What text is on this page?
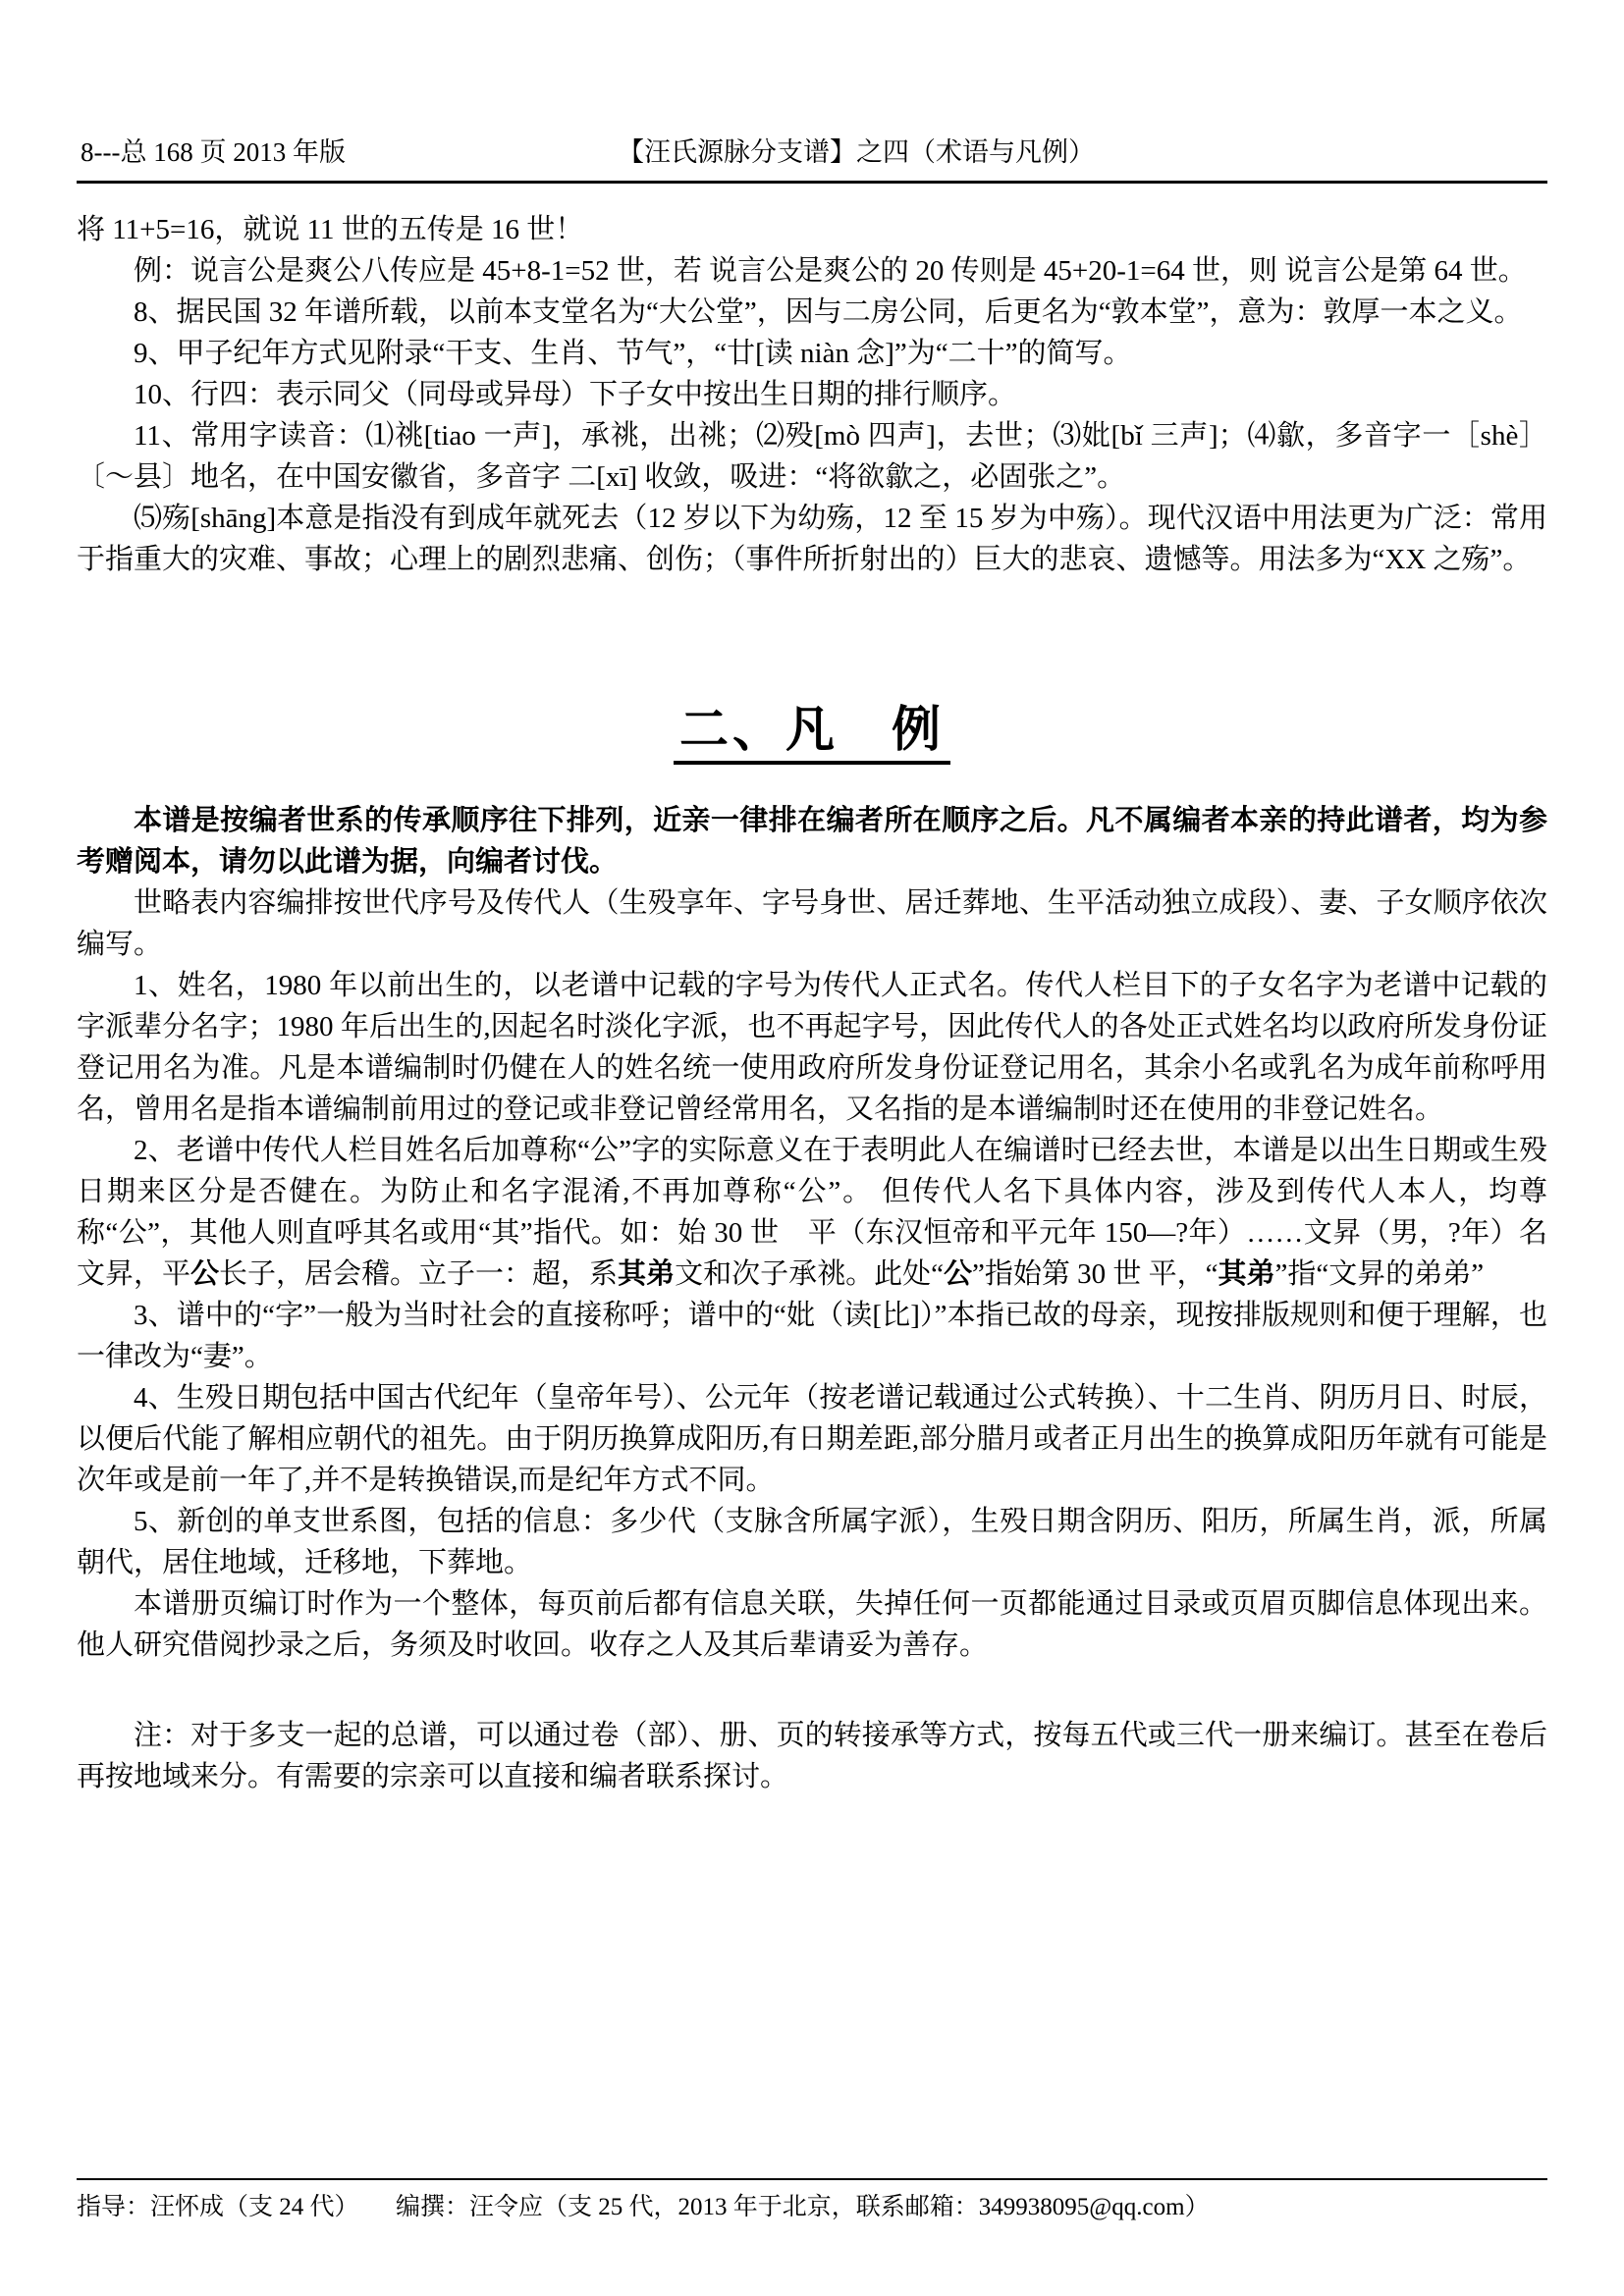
8---总 168 页 2013 年版	【汪氏源脉分支谱】之四（术语与凡例）

将 11+5=16，就说 11 世的五传是 16 世！

例：说言公是爽公八传应是 45+8-1=52 世，若 说言公是爽公的 20 传则是 45+20-1=64 世，则 说言公是第 64 世。

8、据民国 32 年谱所载，以前本支堂名为“大公堂”，因与二房公同，后更名为“敦本堂”，意为：敦厚一本之义。

9、甲子纪年方式见附录“干支、生肖、节气”，“廿[读 niàn 念]”为“二十”的简写。

10、行四：表示同父（同母或异母）下子女中按出生日期的排行顺序。

11、常用字读音：⑴祧[tiao 一声]，承祧，出祧；⑵殁[mò 四声]，去世；⑶妣[bǐ 三声]；⑷歙，多音字一［shè］〔～县〕地名，在中国安徽省，多音字 二[xī] 收敛，吸进：“将欲歙之，必固张之”。

⑸殇[shāng]本意是指没有到成年就死去（12 岁以下为幼殇，12 至 15 岁为中殇）。现代汉语中用法更为广泛：常用于指重大的灾难、事故；心理上的剧烈悲痛、创伤；（事件所折射出的）巨大的悲哀、遗憾等。用法多为“XX 之殇”。

二、凡　例

本谱是按编者世系的传承顺序往下排列，近亲一律排在编者所在顺序之后。凡不属编者本亲的持此谱者，均为参考赠阅本，请勿以此谱为据，向编者讨伐。

世略表内容编排按世代序号及传代人（生殁享年、字号身世、居迁葬地、生平活动独立成段）、妻、子女顺序依次编写。

1、姓名，1980 年以前出生的，以老谱中记载的字号为传代人正式名。传代人栏目下的子女名字为老谱中记载的字派辈分名字；1980 年后出生的,因起名时淡化字派，也不再起字号，因此传代人的各处正式姓名均以政府所发身份证登记用名为准。凡是本谱编制时仍健在人的姓名统一使用政府所发身份证登记用名，其余小名或乳名为成年前称呼用名，曾用名是指本谱编制前用过的登记或非登记曾经常用名，又名指的是本谱编制时还在使用的非登记姓名。

2、老谱中传代人栏目姓名后加尊称“公”字的实际意义在于表明此人在编谱时已经去世，本谱是以出生日期或生殁日期来区分是否健在。为防止和名字混淆,不再加尊称“公”。 但传代人名下具体内容，涉及到传代人本人，均尊称“公”，其他人则直呼其名或用“其”指代。如：始 30 世　平（东汉恒帝和平元年 150—?年）……文昇（男，?年）名文昇，平公长子，居会稽。立子一：超，系其弟文和次子承祧。此处“公”指始第 30 世 平，“其弟”指“文昇的弟弟”

3、谱中的“字”一般为当时社会的直接称呼；谱中的“妣（读[比]）”本指已故的母亲，现按排版规则和便于理解，也一律改为“妻”。

4、生殁日期包括中国古代纪年（皇帝年号）、公元年（按老谱记载通过公式转换）、十二生肖、阴历月日、时辰，以便后代能了解相应朝代的祖先。由于阴历换算成阳历,有日期差距,部分腊月或者正月出生的换算成阳历年就有可能是次年或是前一年了,并不是转换错误,而是纪年方式不同。

5、新创的单支世系图，包括的信息：多少代（支脉含所属字派），生殁日期含阴历、阳历，所属生肖，派，所属朝代，居住地域，迁移地，下葬地。

本谱册页编订时作为一个整体，每页前后都有信息关联，失掉任何一页都能通过目录或页眉页脚信息体现出来。他人研究借阅抄录之后，务须及时收回。收存之人及其后辈请妥为善存。

注：对于多支一起的总谱，可以通过卷（部）、册、页的转接承等方式，按每五代或三代一册来编订。甚至在卷后再按地域来分。有需要的宗亲可以直接和编者联系探讨。

指导：汪怀成（支 24 代）　　编撰：汪令应（支 25 代，2013 年于北京，联系邮箱：349938095@qq.com）
